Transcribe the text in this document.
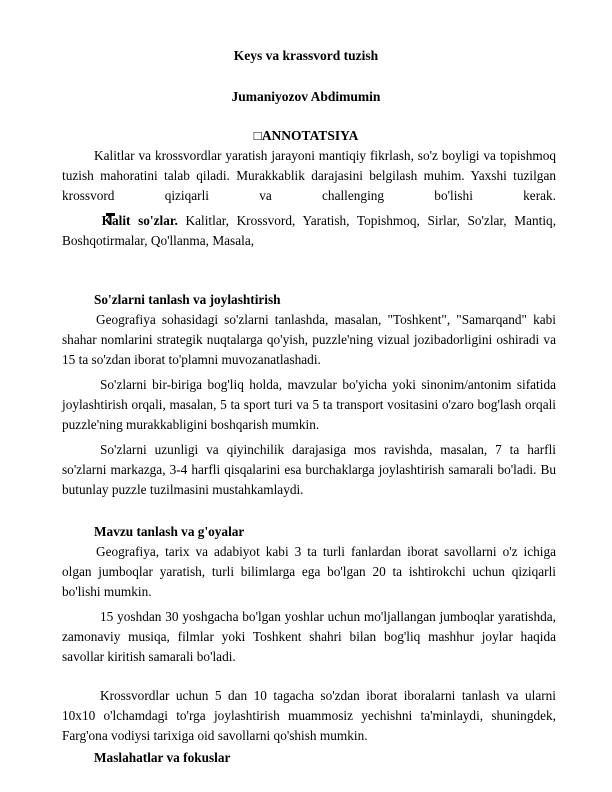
Keys va krassvord tuzish
Jumaniyozov Abdimumin
□ANNOTATSIYA

Kalitlar va krossvordlar yaratish jarayoni mantiqiy fikrlash, so'z boyligi va topishmoq tuzish mahoratini talab qiladi. Murakkablik darajasini belgilash muhim. Yaxshi tuzilgan krossvord qiziqarli va challenging bo'lishi kerak.

Kalit so'zlar. Kalitlar, Krossvord, Yaratish, Topishmoq, Sirlar, So'zlar, Mantiq, Boshqotirmalar, Qo'llanma, Masala,

So'zlarni tanlash va joylashtirish

Geografiya sohasidagi so'zlarni tanlashda, masalan, "Toshkent", "Samarqand" kabi shahar nomlarini strategik nuqtalarga qo'yish, puzzle'ning vizual jozibadorligini oshiradi va 15 ta so'zdan iborat to'plamni muvozanatlashadi.

So'zlarni bir-biriga bog'liq holda, mavzular bo'yicha yoki sinonim/antonim sifatida joylashtirish orqali, masalan, 5 ta sport turi va 5 ta transport vositasini o'zaro bog'lash orqali puzzle'ning murakkabligini boshqarish mumkin.

So'zlarni uzunligi va qiyinchilik darajasiga mos ravishda, masalan, 7 ta harfli so'zlarni markazga, 3-4 harfli qisqalarini esa burchaklarga joylashtirish samarali bo'ladi. Bu butunlay puzzle tuzilmasini mustahkamlaydi.

Mavzu tanlash va g'oyalar

Geografiya, tarix va adabiyot kabi 3 ta turli fanlardan iborat savollarni o'z ichiga olgan jumboqlar yaratish, turli bilimlarga ega bo'lgan 20 ta ishtirokchi uchun qiziqarli bo'lishi mumkin.

15 yoshdan 30 yoshgacha bo'lgan yoshlar uchun mo'ljallangan jumboqlar yaratishda, zamonaviy musiqa, filmlar yoki Toshkent shahri bilan bog'liq mashhur joylar haqida savollar kiritish samarali bo'ladi.

Krossvordlar uchun 5 dan 10 tagacha so'zdan iborat iboralarni tanlash va ularni 10x10 o'lchamdagi to'rga joylashtirish muammosiz yechishni ta'minlaydi, shuningdek, Farg'ona vodiysi tarixiga oid savollarni qo'shish mumkin.

Maslahatlar va fokuslar
